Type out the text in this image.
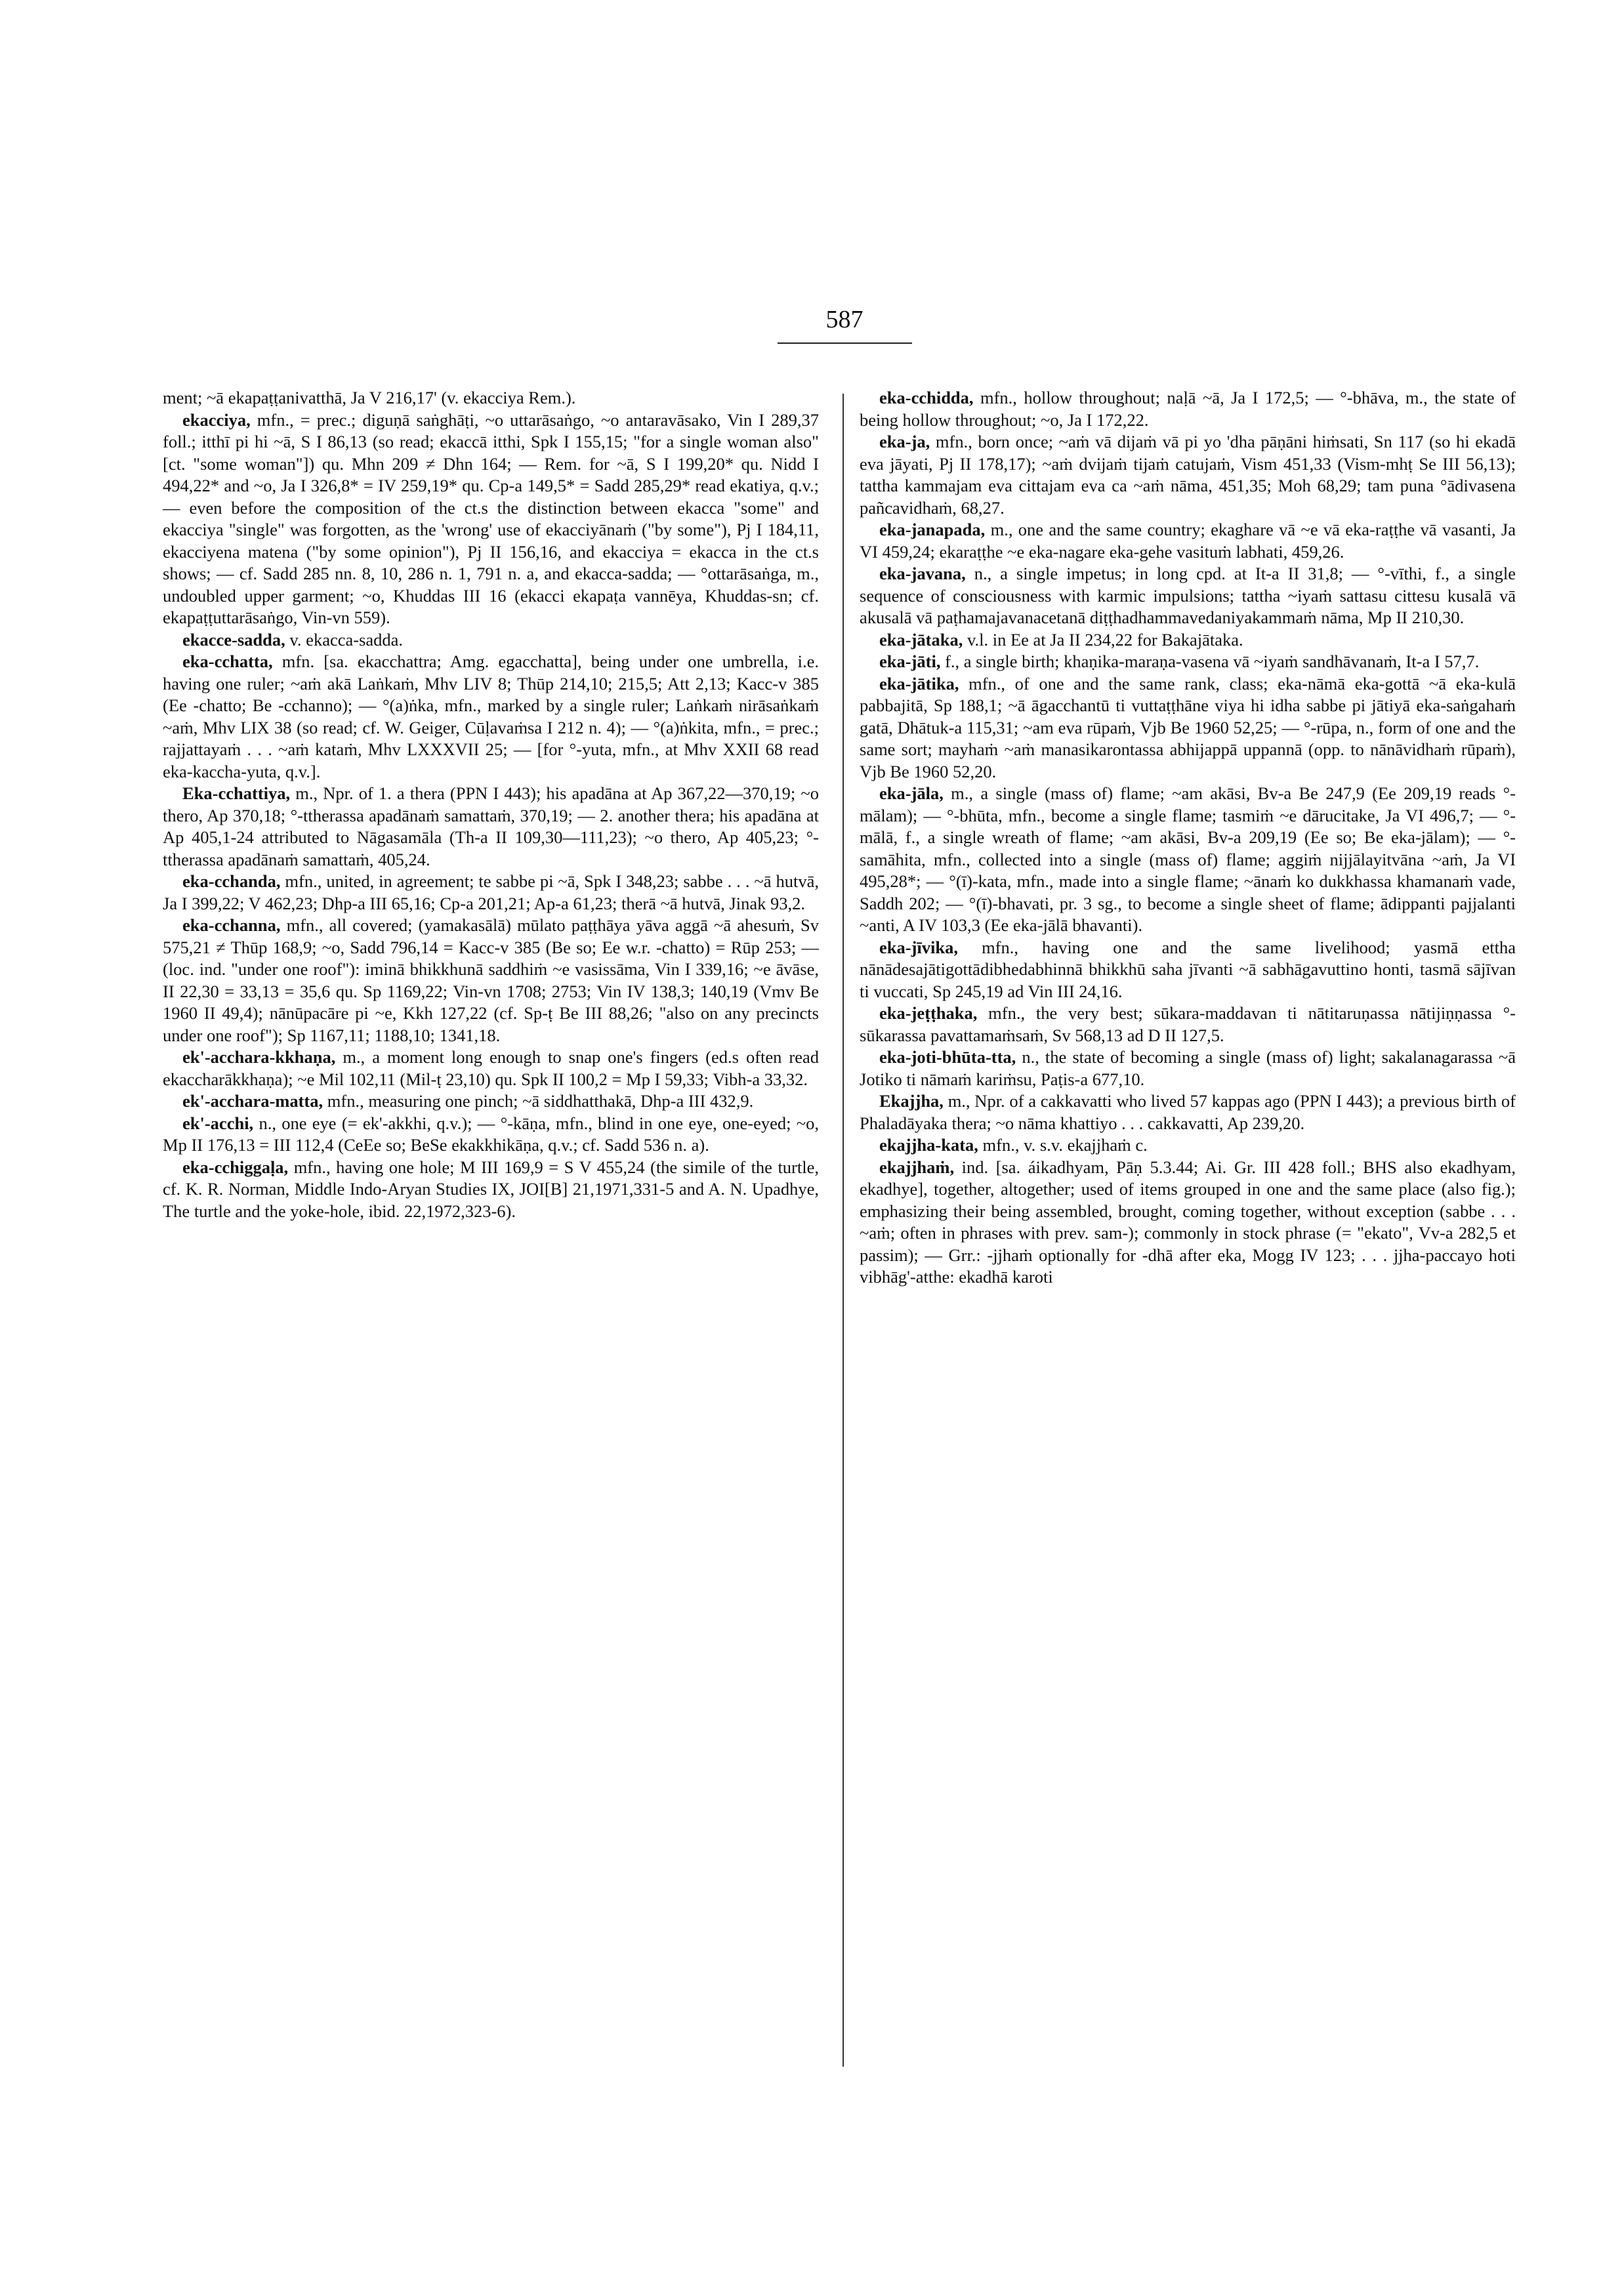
587

ment; ~ā ekapaṭṭanivatthā, Ja V 216,17' (v. ekacciya Rem.).

ekacciya, mfn., = prec.; diguṇā saṅghāṭi, ~o uttarāsaṅgo, ~o antaravāsako, Vin I 289,37 foll.; itthī pi hi ~ā, S I 86,13 (so read; ekaccā itthi, Spk I 155,15; "for a single woman also" [ct. "some woman"]) qu. Mhn 209 ≠ Dhn 164; — Rem. for ~ā, S I 199,20* qu. Nidd I 494,22* and ~o, Ja I 326,8* = IV 259,19* qu. Cp-a 149,5* = Sadd 285,29* read ekatiya, q.v.; — even before the composition of the ct.s the distinction between ekacca "some" and ekacciya "single" was forgotten, as the 'wrong' use of ekacciyānaṁ ("by some"), Pj I 184,11, ekacciyena matena ("by some opinion"), Pj II 156,16, and ekacciya = ekacca in the ct.s shows; — cf. Sadd 285 nn. 8, 10, 286 n. 1, 791 n. a, and ekacca-sadda; — °ottarāsaṅga, m., undoubled upper garment; ~o, Khuddas III 16 (ekacci ekapaṭa vannēya, Khuddas-sn; cf. ekapaṭṭuttarāsaṅgo, Vin-vn 559).

ekacce-sadda, v. ekacca-sadda.

eka-cchatta, mfn. [sa. ekacchattra; Amg. egacchatta], being under one umbrella, i.e. having one ruler; ~aṁ akā Laṅkaṁ, Mhv LIV 8; Thūp 214,10; 215,5; Att 2,13; Kacc-v 385 (Ee -chatto; Be -cchanno); — °(a)ṅka, mfn., marked by a single ruler; Laṅkaṁ nirāsaṅkaṁ ~aṁ, Mhv LIX 38 (so read; cf. W. Geiger, Cūḷavaṁsa I 212 n. 4); — °(a)ṅkita, mfn., = prec.; rajjattayaṁ . . . ~aṁ kataṁ, Mhv LXXXVII 25; — [for °-yuta, mfn., at Mhv XXII 68 read eka-kaccha-yuta, q.v.].

Eka-cchattiya, m., Npr. of 1. a thera (PPN I 443); his apadāna at Ap 367,22—370,19; ~o thero, Ap 370,18; °-ttherassa apadānaṁ samattaṁ, 370,19; — 2. another thera; his apadāna at Ap 405,1-24 attributed to Nāgasamāla (Th-a II 109,30—111,23); ~o thero, Ap 405,23; °-ttherassa apadānaṁ samattaṁ, 405,24.

eka-cchanda, mfn., united, in agreement; te sabbe pi ~ā, Spk I 348,23; sabbe . . . ~ā hutvā, Ja I 399,22; V 462,23; Dhp-a III 65,16; Cp-a 201,21; Ap-a 61,23; therā ~ā hutvā, Jinak 93,2.

eka-cchanna, mfn., all covered; (yamakasālā) mūlato paṭṭhāya yāva aggā ~ā ahesuṁ, Sv 575,21 ≠ Thūp 168,9; ~o, Sadd 796,14 = Kacc-v 385 (Be so; Ee w.r. -chatto) = Rūp 253; — (loc. ind. "under one roof"): iminā bhikkhunā saddhiṁ ~e vasissāma, Vin I 339,16; ~e āvāse, II 22,30 = 33,13 = 35,6 qu. Sp 1169,22; Vin-vn 1708; 2753; Vin IV 138,3; 140,19 (Vmv Be 1960 II 49,4); nānūpacāre pi ~e, Kkh 127,22 (cf. Sp-ṭ Be III 88,26; "also on any precincts under one roof"); Sp 1167,11; 1188,10; 1341,18.

ek'-acchara-kkhaṇa, m., a moment long enough to snap one's fingers (ed.s often read ekaccharākkhaṇa); ~e Mil 102,11 (Mil-ṭ 23,10) qu. Spk II 100,2 = Mp I 59,33; Vibh-a 33,32.

ek'-acchara-matta, mfn., measuring one pinch; ~ā siddhatthakā, Dhp-a III 432,9.

ek'-acchi, n., one eye (= ek'-akkhi, q.v.); — °-kāṇa, mfn., blind in one eye, one-eyed; ~o, Mp II 176,13 = III 112,4 (CeEe so; BeSe ekakkhikāṇa, q.v.; cf. Sadd 536 n. a).

eka-cchiggaḷa, mfn., having one hole; M III 169,9 = S V 455,24 (the simile of the turtle, cf. K. R. Norman, Middle Indo-Aryan Studies IX, JOI[B] 21,1971,331-5 and A. N. Upadhye, The turtle and the yoke-hole, ibid. 22,1972,323-6).

eka-cchidda, mfn., hollow throughout; naḷā ~ā, Ja I 172,5; — °-bhāva, m., the state of being hollow throughout; ~o, Ja I 172,22.

eka-ja, mfn., born once; ~aṁ vā dijaṁ vā pi yo 'dha pāṇāni hiṁsati, Sn 117 (so hi ekadā eva jāyati, Pj II 178,17); ~aṁ dvijaṁ tijaṁ catujaṁ, Vism 451,33 (Vism-mhṭ Se III 56,13); tattha kammajam eva cittajam eva ca ~aṁ nāma, 451,35; Moh 68,29; tam puna °ādivasena pañcavidhaṁ, 68,27.

eka-janapada, m., one and the same country; ekaghare vā ~e vā eka-raṭṭhe vā vasanti, Ja VI 459,24; ekaraṭṭhe ~e eka-nagare eka-gehe vasituṁ labhati, 459,26.

eka-javana, n., a single impetus; in long cpd. at It-a II 31,8; — °-vīthi, f., a single sequence of consciousness with karmic impulsions; tattha ~iyaṁ sattasu cittesu kusalā vā akusalā vā paṭhamajavanacetanā diṭṭhadhammavedaniyakammaṁ nāma, Mp II 210,30.

eka-jātaka, v.l. in Ee at Ja II 234,22 for Bakajātaka.

eka-jāti, f., a single birth; khaṇika-maraṇa-vasena vā ~iyaṁ sandhāvanaṁ, It-a I 57,7.

eka-jātika, mfn., of one and the same rank, class; eka-nāmā eka-gottā ~ā eka-kulā pabbajitā, Sp 188,1; ~ā āgacchantū ti vuttaṭṭhāne viya hi idha sabbe pi jātiyā eka-saṅgahaṁ gatā, Dhātuk-a 115,31; ~am eva rūpaṁ, Vjb Be 1960 52,25; — °-rūpa, n., form of one and the same sort; mayhaṁ ~aṁ manasikarontassa abhijappā uppannā (opp. to nānāvidhaṁ rūpaṁ), Vjb Be 1960 52,20.

eka-jāla, m., a single (mass of) flame; ~am akāsi, Bv-a Be 247,9 (Ee 209,19 reads °-mālam); — °-bhūta, mfn., become a single flame; tasmiṁ ~e dārucitake, Ja VI 496,7; — °-mālā, f., a single wreath of flame; ~am akāsi, Bv-a 209,19 (Ee so; Be eka-jālam); — °-samāhita, mfn., collected into a single (mass of) flame; aggiṁ nijjālayitvāna ~aṁ, Ja VI 495,28*; — °(ī)-kata, mfn., made into a single flame; ~ānaṁ ko dukkhassa khamanaṁ vade, Saddh 202; — °(ī)-bhavati, pr. 3 sg., to become a single sheet of flame; ādippanti pajjalanti ~anti, A IV 103,3 (Ee eka-jālā bhavanti).

eka-jīvika, mfn., having one and the same livelihood; yasmā ettha nānādesajātigottādibhedabhinnā bhikkhū saha jīvanti ~ā sabhāgavuttino honti, tasmā sājīvan ti vuccati, Sp 245,19 ad Vin III 24,16.

eka-jeṭṭhaka, mfn., the very best; sūkara-maddavan ti nātitaruṇassa nātijiṇṇassa °-sūkarassa pavattamaṁsaṁ, Sv 568,13 ad D II 127,5.

eka-joti-bhūta-tta, n., the state of becoming a single (mass of) light; sakalanagarassa ~ā Jotiko ti nāmaṁ kariṁsu, Paṭis-a 677,10.

Ekajjha, m., Npr. of a cakkavatti who lived 57 kappas ago (PPN I 443); a previous birth of Phaladāyaka thera; ~o nāma khattiyo . . . cakkavatti, Ap 239,20.

ekajjha-kata, mfn., v. s.v. ekajjhaṁ c.

ekajjhaṁ, ind. [sa. áikadhyam, Pāṇ 5.3.44; Ai. Gr. III 428 foll.; BHS also ekadhyam, ekadhye], together, altogether; used of items grouped in one and the same place (also fig.); emphasizing their being assembled, brought, coming together, without exception (sabbe . . . ~aṁ; often in phrases with prev. sam-); commonly in stock phrase (= "ekato", Vv-a 282,5 et passim); — Grr.: -jjhaṁ optionally for -dhā after eka, Mogg IV 123; . . . jjha-paccayo hoti vibhāg'-atthe: ekadhā karoti
